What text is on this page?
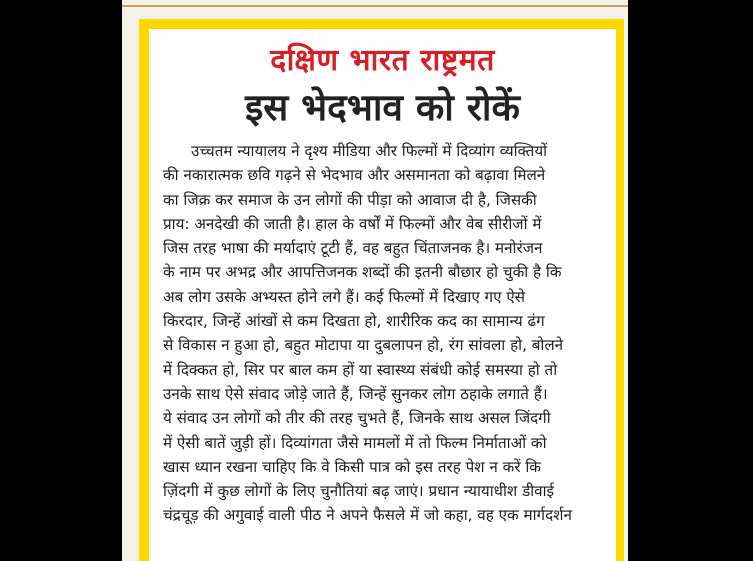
दक्षिण भारत राष्ट्रमत
इस भेदभाव को रोकें
उच्चतम न्यायालय ने दृश्य मीडिया और फिल्मों में दिव्यांग व्यक्तियों
की नकारात्मक छवि गढ़ने से भेदभाव और असमानता को बढ़ावा मिलने
का जिक्र कर समाज के उन लोगों की पीड़ा को आवाज दी है, जिसकी
प्राय: अनदेखी की जाती है। हाल के वर्षों में फिल्मों और वेब सीरीजों में
जिस तरह भाषा की मर्यादाएं टूटी हैं, वह बहुत चिंताजनक है। मनोरंजन
के नाम पर अभद्र और आपत्तिजनक शब्दों की इतनी बौछार हो चुकी है कि
अब लोग उसके अभ्यस्त होने लगे हैं। कई फिल्मों में दिखाए गए ऐसे
किरदार, जिन्हें आंखों से कम दिखता हो, शारीरिक कद का सामान्य ढंग
से विकास न हुआ हो, बहुत मोटापा या दुबलापन हो, रंग सांवला हो, बोलने
में दिक्कत हो, सिर पर बाल कम हों या स्वास्थ्य संबंधी कोई समस्या हो तो
उनके साथ ऐसे संवाद जोड़े जाते हैं, जिन्हें सुनकर लोग ठहाके लगाते हैं।
ये संवाद उन लोगों को तीर की तरह चुभते हैं, जिनके साथ असल जिंदगी
में ऐसी बातें जुड़ी हों। दिव्यांगता जैसे मामलों में तो फिल्म निर्माताओं को
खास ध्यान रखना चाहिए कि वे किसी पात्र को इस तरह पेश न करें कि
ज़िंदगी में कुछ लोगों के लिए चुनौतियां बढ़ जाएं। प्रधान न्यायाधीश डीवाई
चंद्रचूड़ की अगुवाई वाली पीठ ने अपने फैसले में जो कहा, वह एक मार्गदर्शन
